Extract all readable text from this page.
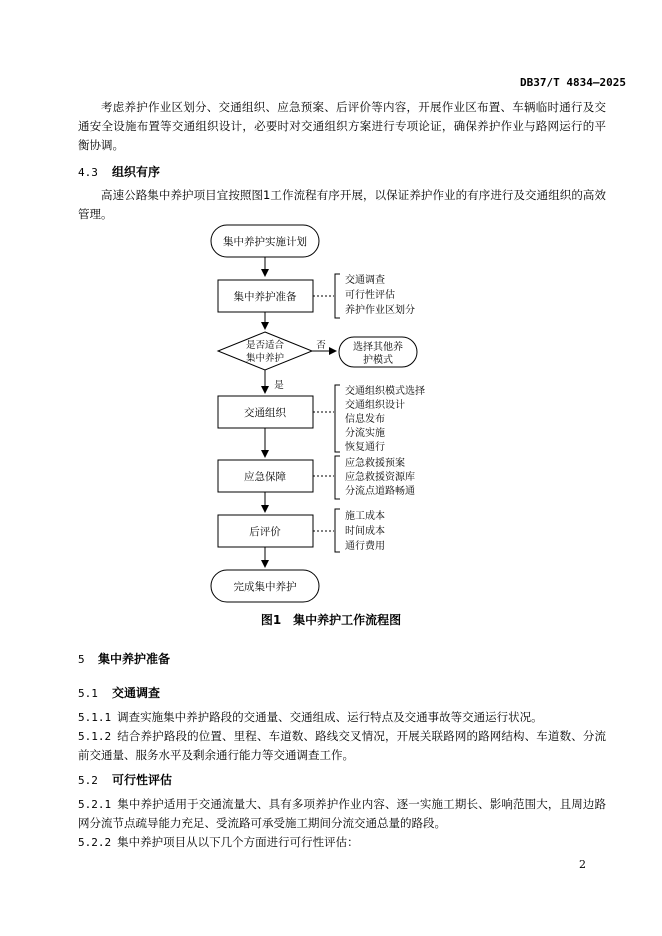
DB37/T 4834—2025
考虑养护作业区划分、交通组织、应急预案、后评价等内容，开展作业区布置、车辆临时通行及交通安全设施布置等交通组织设计，必要时对交通组织方案进行专项论证，确保养护作业与路网运行的平衡协调。
4.3 组织有序
高速公路集中养护项目宜按照图1工作流程有序开展，以保证养护作业的有序进行及交通组织的高效管理。
集中养护实施计划
集中养护准备
是否适合
集中养护
否	选择其他养
护模式
是
交通组织
应急保障
后评价
完成集中养护
交通调查
可行性评估
养护作业区划分
交通组织模式选择
交通组织设计
信息发布
分流实施
恢复通行
应急救援预案
应急救援资源库
分流点道路畅通
施工成本
时间成本
通行费用
图1　集中养护工作流程图
5 集中养护准备
5.1 交通调查
5.1.1 调查实施集中养护路段的交通量、交通组成、运行特点及交通事故等交通运行状况。
5.1.2 结合养护路段的位置、里程、车道数、路线交叉情况，开展关联路网的路网结构、车道数、分流前交通量、服务水平及剩余通行能力等交通调查工作。
5.2 可行性评估
5.2.1 集中养护适用于交通流量大、具有多项养护作业内容、逐一实施工期长、影响范围大，且周边路网分流节点疏导能力充足、受流路可承受施工期间分流交通总量的路段。
5.2.2 集中养护项目从以下几个方面进行可行性评估：
2
